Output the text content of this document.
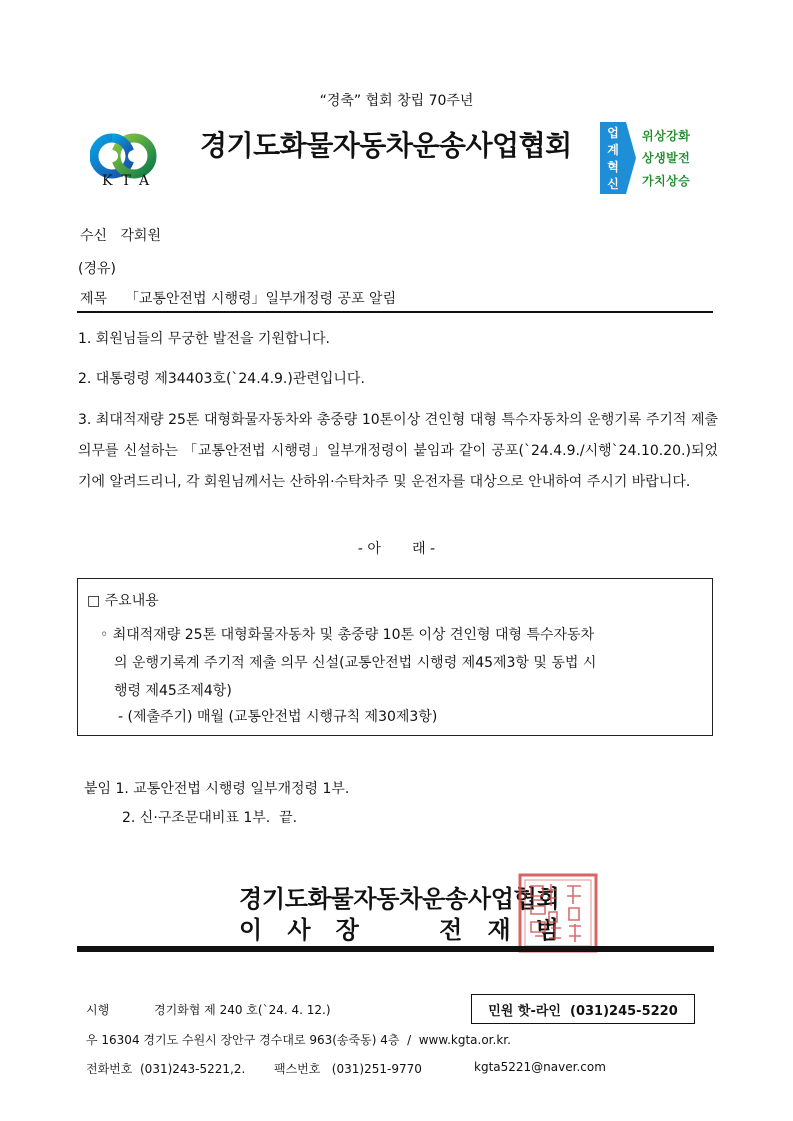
“경축” 협회 창립 70주년
KTA
경기도화물자동차운송사업협회	업
계
혁
신
위상강화
상생발전
가치상승
수신   각회원
(경유)
제목    「교통안전법 시행령」일부개정령 공포 알림
1. 회원님들의 무궁한 발전을 기원합니다.
2. 대통령령 제34403호(`24.4.9.)관련입니다.
3. 최대적재량 25톤 대형화물자동차와 총중량 10톤이상 견인형 대형 특수자동차의 운행기록 주기적 제출 의무를 신설하는 「교통안전법 시행령」일부개정령이 붙임과 같이 공포(`24.4.9./시행`24.10.20.)되었기에 알려드리니, 각 회원님께서는 산하위·수탁차주 및 운전자를 대상으로 안내하여 주시기 바랍니다.
- 아       래 -
□ 주요내용
◦ 최대적재량 25톤 대형화물자동차 및 총중량 10톤 이상 견인형 대형 특수자동차
의 운행기록계 주기적 제출 의무 신설(교통안전법 시행령 제45제3항 및 동법 시
행령 제45조제4항)
- (제출주기) 매월 (교통안전법 시행규칙 제30제3항)
붙임 1. 교통안전법 시행령 일부개정령 1부.
2. 신·구조문대비표 1부.  끝.
경기도화물자동차운송사업협회
이 사 장	전 재 범
시행	경기화협 제 240 호(`24. 4. 12.)	민원 핫-라인  (031)245-5220
우 16304 경기도 수원시 장안구 경수대로 963(송죽동) 4층  /  www.kgta.or.kr.
전화번호  (031)243-5221,2. 팩스번호   (031)251-9770	kgta5221@naver.com
